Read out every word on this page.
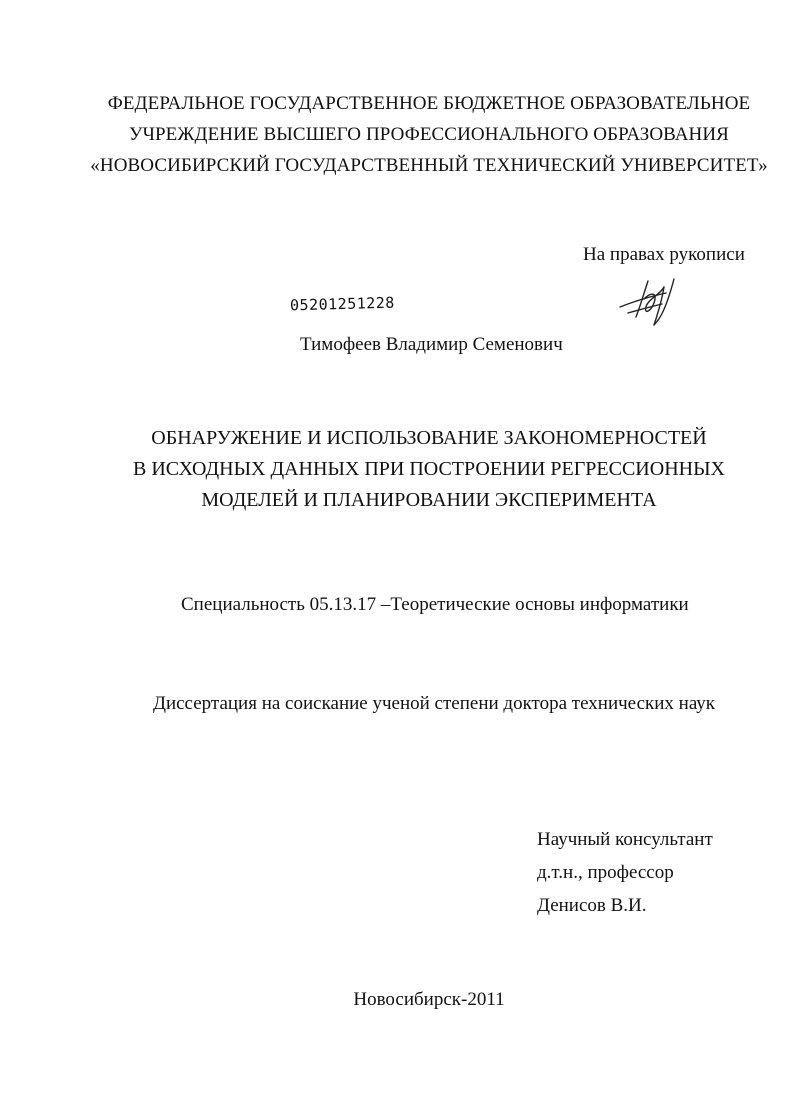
ФЕДЕРАЛЬНОЕ ГОСУДАРСТВЕННОЕ БЮДЖЕТНОЕ ОБРАЗОВАТЕЛЬНОЕ
УЧРЕЖДЕНИЕ ВЫСШЕГО ПРОФЕССИОНАЛЬНОГО ОБРАЗОВАНИЯ
«НОВОСИБИРСКИЙ ГОСУДАРСТВЕННЫЙ ТЕХНИЧЕСКИЙ УНИВЕРСИТЕТ»
На правах рукописи
05201251228
Тимофеев Владимир Семенович
ОБНАРУЖЕНИЕ И ИСПОЛЬЗОВАНИЕ ЗАКОНОМЕРНОСТЕЙ
В ИСХОДНЫХ ДАННЫХ ПРИ ПОСТРОЕНИИ РЕГРЕССИОННЫХ
МОДЕЛЕЙ И ПЛАНИРОВАНИИ ЭКСПЕРИМЕНТА
Специальность 05.13.17 –Теоретические основы информатики
Диссертация на соискание ученой степени доктора технических наук
Научный консультант
д.т.н., профессор
Денисов В.И.
Новосибирск-2011
